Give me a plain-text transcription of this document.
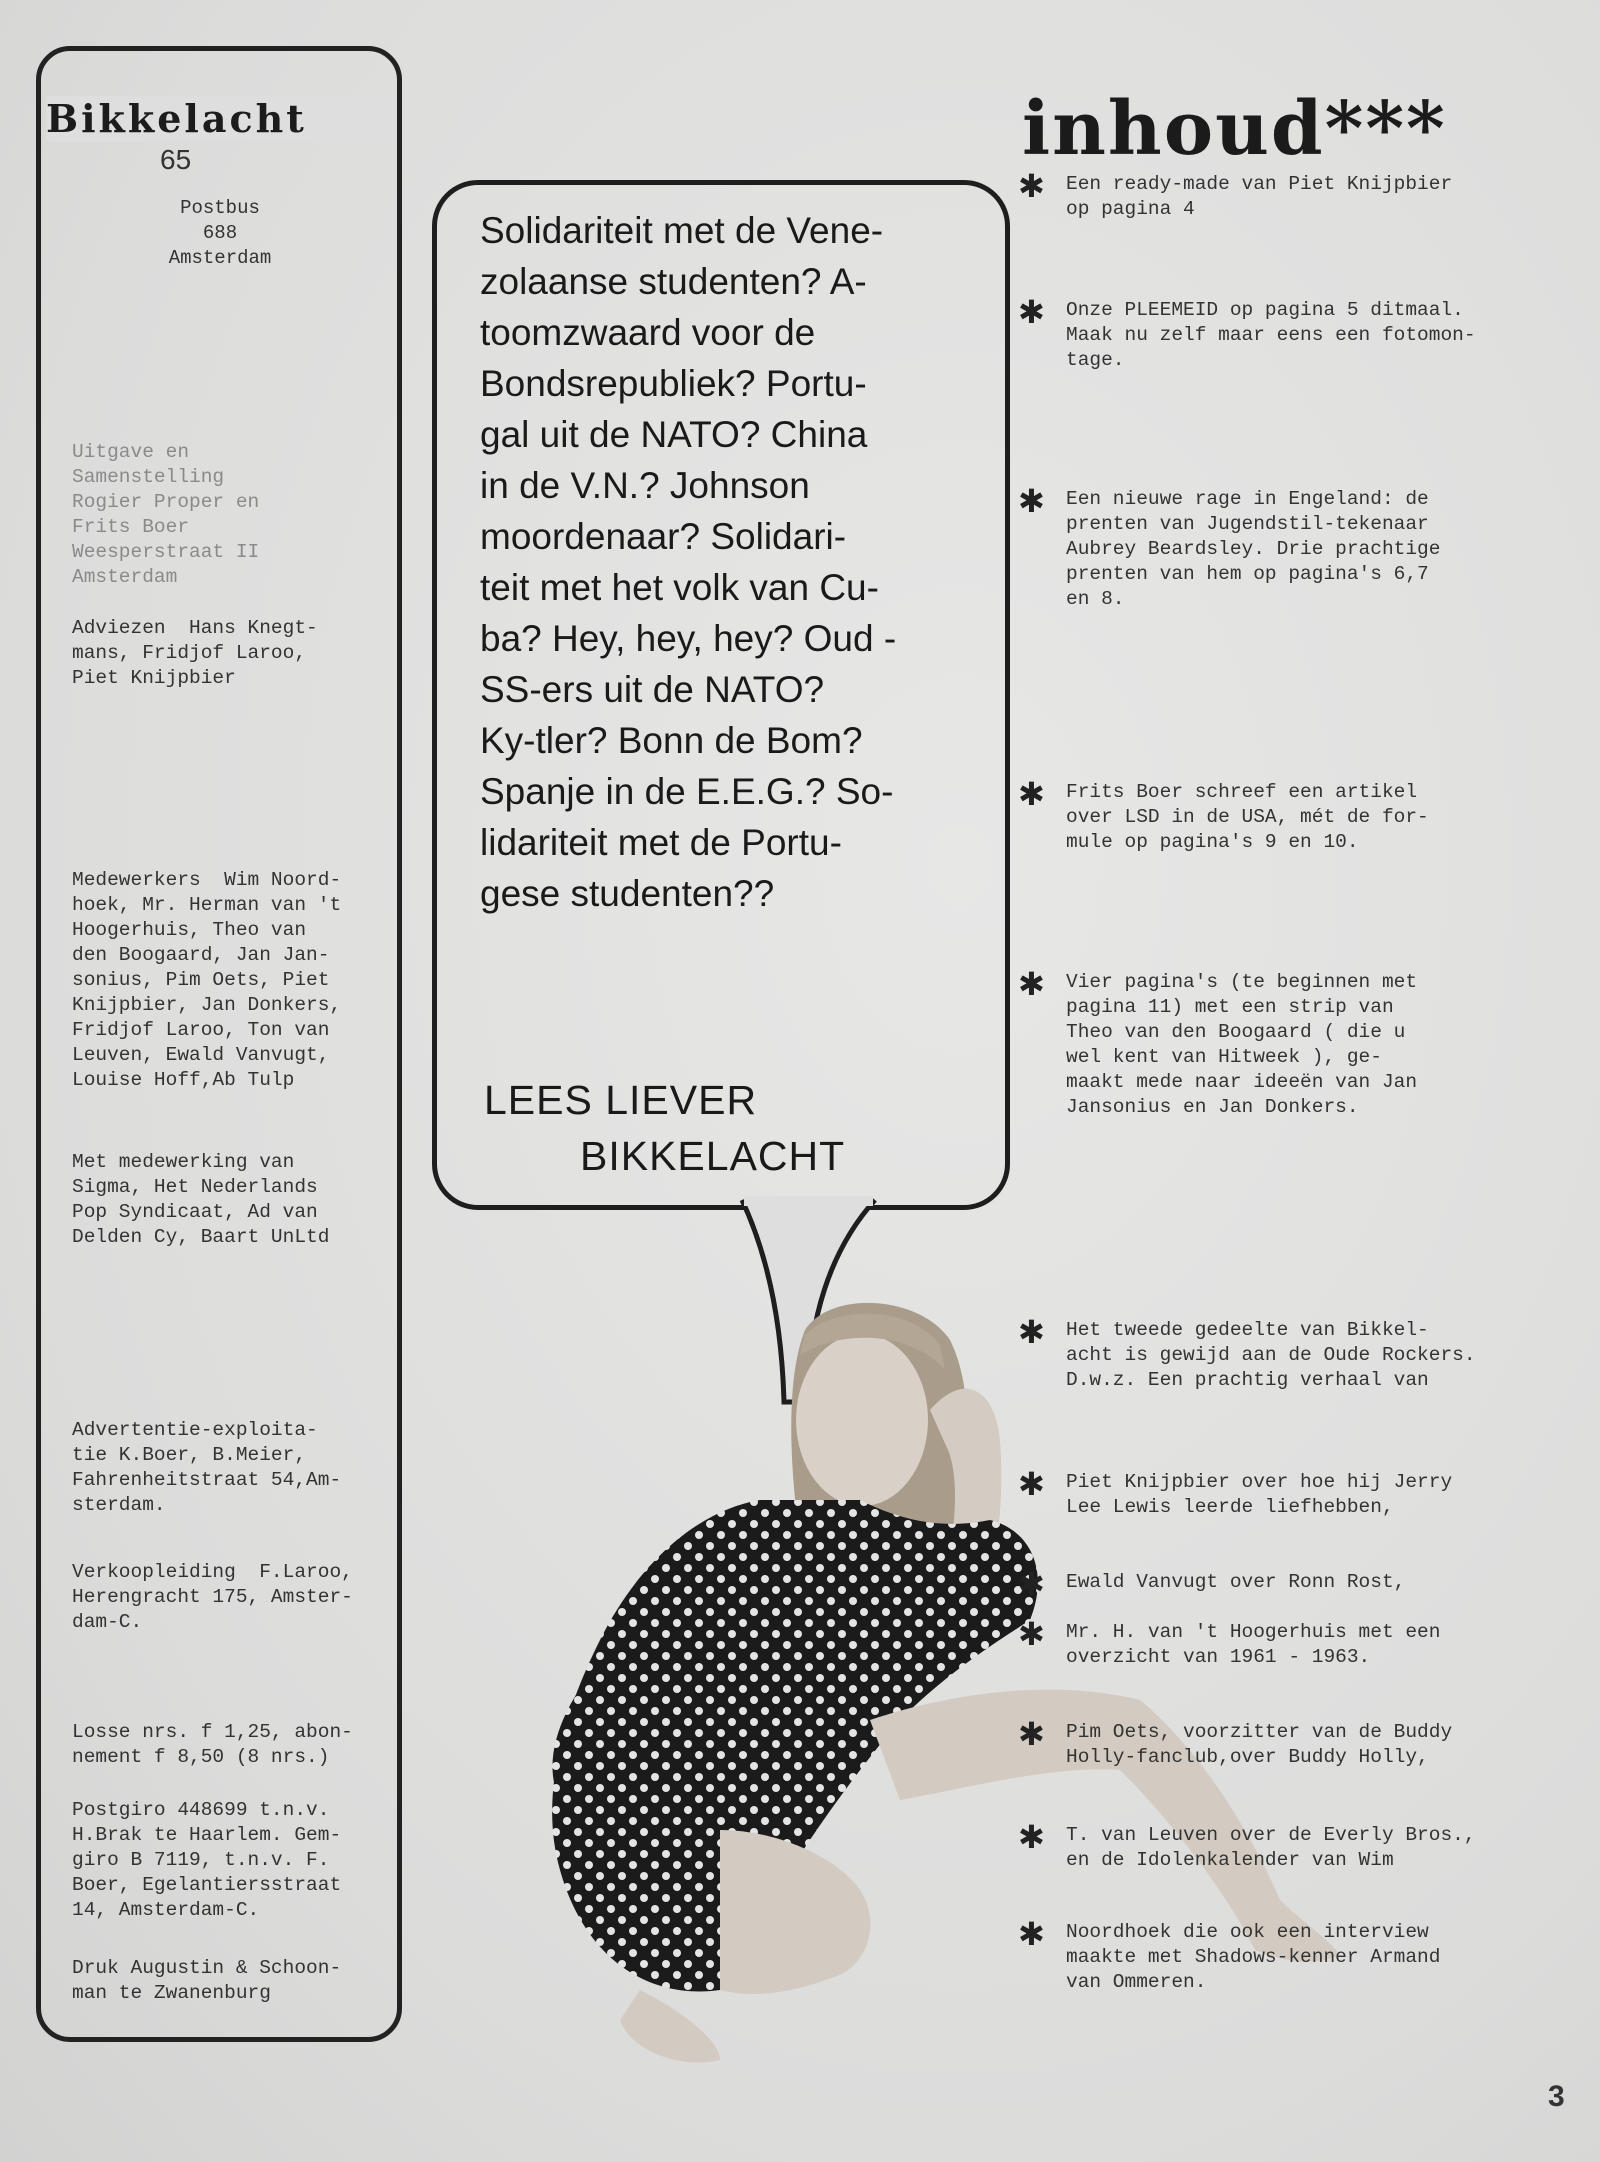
Bikkelacht
65
Postbus
688
Amsterdam
Uitgave en
Samenstelling
Rogier Proper en
Frits Boer
Weesperstraat II
Amsterdam
Adviezen  Hans Knegt-
mans, Fridjof Laroo,
Piet Knijpbier
Medewerkers  Wim Noord-
hoek, Mr. Herman van 't
Hoogerhuis, Theo van
den Boogaard, Jan Jan-
sonius, Pim Oets, Piet
Knijpbier, Jan Donkers,
Fridjof Laroo, Ton van
Leuven, Ewald Vanvugt,
Louise Hoff,Ab Tulp
Met medewerking van
Sigma, Het Nederlands
Pop Syndicaat, Ad van
Delden Cy, Baart UnLtd
Advertentie-exploita-
tie K.Boer, B.Meier,
Fahrenheitstraat 54,Am-
sterdam.
Verkoopleiding  F.Laroo,
Herengracht 175, Amster-
dam-C.
Losse nrs. f 1,25, abon-
nement f 8,50 (8 nrs.)
Postgiro 448699 t.n.v.
H.Brak te Haarlem. Gem-
giro B 7119, t.n.v. F.
Boer, Egelantiersstraat
14, Amsterdam-C.
Druk Augustin & Schoon-
man te Zwanenburg
Solidariteit met de Vene-
zolaanse studenten? A-
toomzwaard voor de
Bondsrepubliek? Portu-
gal uit de NATO? China
in de V.N.? Johnson
moordenaar? Solidari-
teit met het volk van Cu-
ba? Hey, hey, hey? Oud -
SS-ers uit de NATO?
Ky-tler? Bonn de Bom?
Spanje in de E.E.G.? So-
lidariteit met de Portu-
gese studenten??
LEES LIEVER
BIKKELACHT
inhoud***
✱ Een ready-made van Piet Knijpbier
op pagina 4
✱ Onze PLEEMEID op pagina 5 ditmaal.
Maak nu zelf maar eens een fotomon-
tage.
✱ Een nieuwe rage in Engeland: de
prenten van Jugendstil-tekenaar
Aubrey Beardsley. Drie prachtige
prenten van hem op pagina's 6,7
en 8.
✱ Frits Boer schreef een artikel
over LSD in de USA, mét de for-
mule op pagina's 9 en 10.
✱ Vier pagina's (te beginnen met
pagina 11) met een strip van
Theo van den Boogaard ( die u
wel kent van Hitweek ), ge-
maakt mede naar ideeën van Jan
Jansonius en Jan Donkers.
✱ Het tweede gedeelte van Bikkel-
acht is gewijd aan de Oude Rockers.
D.w.z. Een prachtig verhaal van
✱ Piet Knijpbier over hoe hij Jerry
Lee Lewis leerde liefhebben,
✱ Ewald Vanvugt over Ronn Rost,
✱ Mr. H. van 't Hoogerhuis met een
overzicht van 1961 - 1963.
✱ Pim Oets, voorzitter van de Buddy
Holly-fanclub,over Buddy Holly,
✱ T. van Leuven over de Everly Bros.,
en de Idolenkalender van Wim
✱ Noordhoek die ook een interview
maakte met Shadows-kenner Armand
van Ommeren.
3
